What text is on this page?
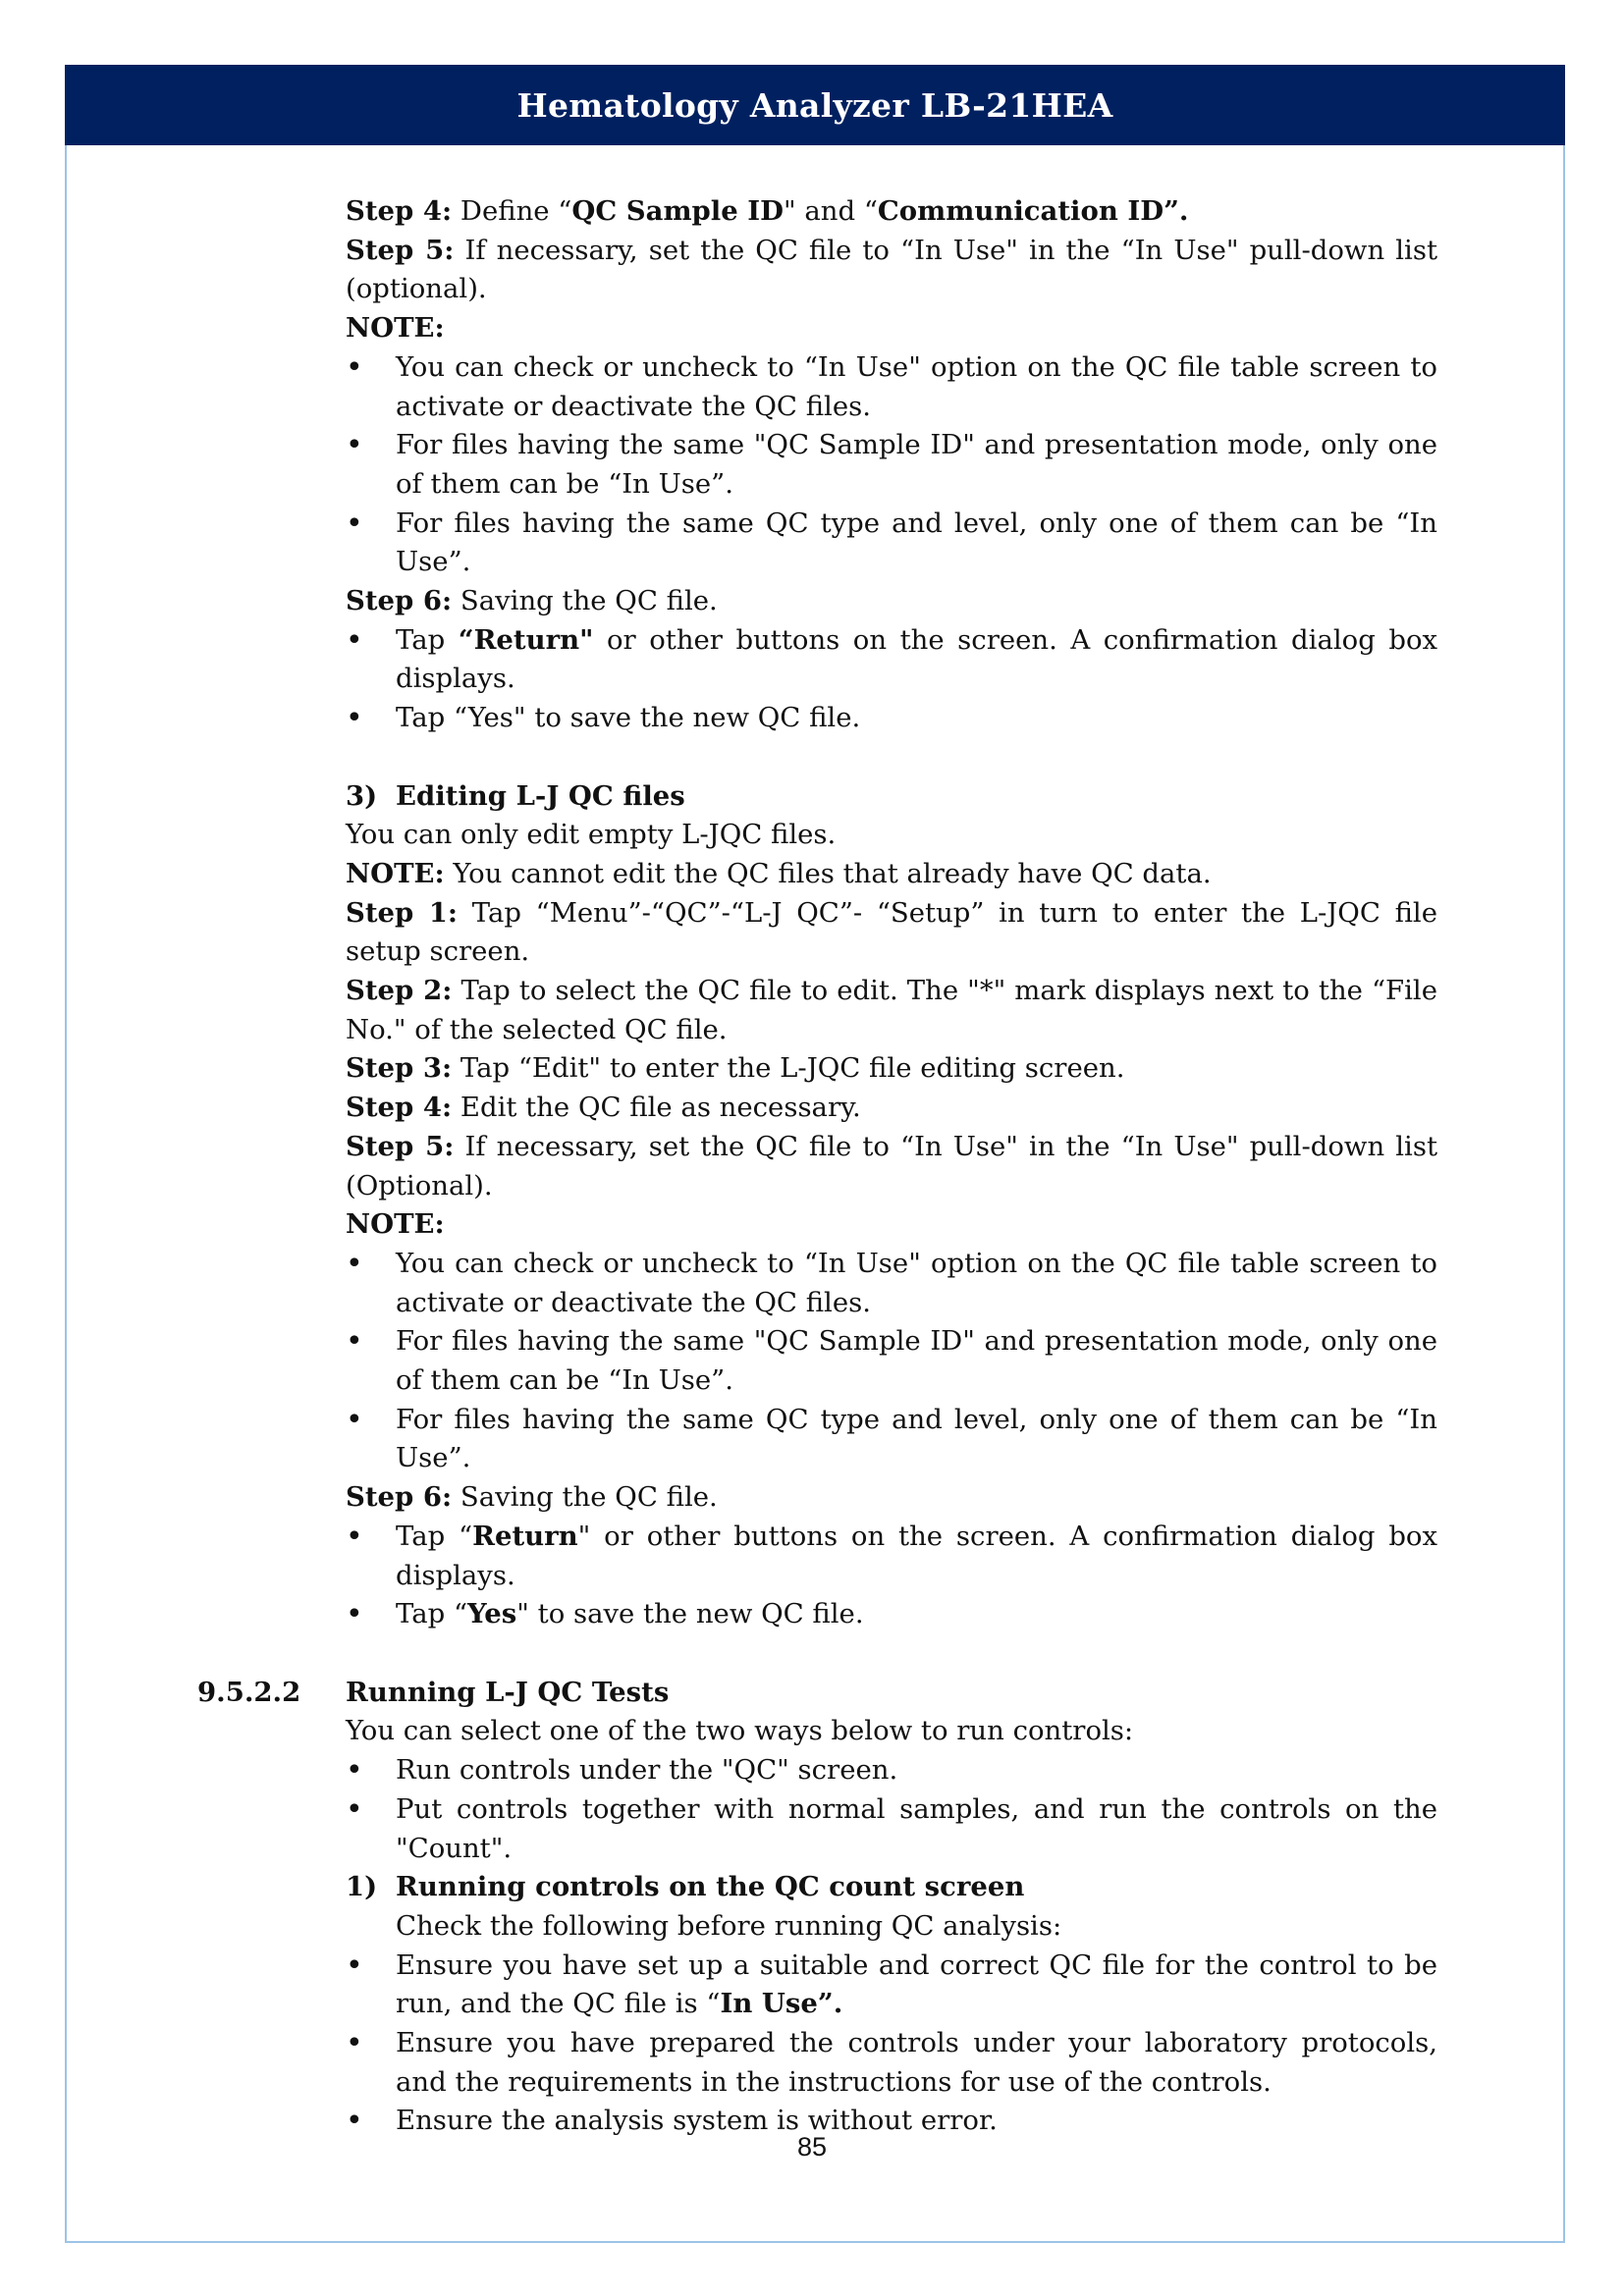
Hematology Analyzer LB-21HEA

Step 4: Define “QC Sample ID" and “Communication ID”.

Step 5: If necessary, set the QC file to “In Use" in the “In Use" pull-down list (optional).

NOTE:

• You can check or uncheck to “In Use" option on the QC file table screen to activate or deactivate the QC files.

• For files having the same "QC Sample ID" and presentation mode, only one of them can be “In Use”.

• For files having the same QC type and level, only one of them can be “In Use”.

Step 6: Saving the QC file.

• Tap “Return" or other buttons on the screen. A confirmation dialog box displays.

• Tap “Yes" to save the new QC file.

3) Editing L-J QC files

You can only edit empty L-JQC files.

NOTE: You cannot edit the QC files that already have QC data.

Step 1: Tap “Menu”-“QC”-“L-J QC”- “Setup” in turn to enter the L-JQC file setup screen.

Step 2: Tap to select the QC file to edit. The "*" mark displays next to the “File No." of the selected QC file.

Step 3: Tap “Edit" to enter the L-JQC file editing screen.

Step 4: Edit the QC file as necessary.

Step 5: If necessary, set the QC file to “In Use" in the “In Use" pull-down list (Optional).

NOTE:

• You can check or uncheck to “In Use" option on the QC file table screen to activate or deactivate the QC files.

• For files having the same "QC Sample ID" and presentation mode, only one of them can be “In Use”.

• For files having the same QC type and level, only one of them can be “In Use”.

Step 6: Saving the QC file.

• Tap “Return" or other buttons on the screen. A confirmation dialog box displays.

• Tap “Yes" to save the new QC file.

9.5.2.2 Running L-J QC Tests

You can select one of the two ways below to run controls:

• Run controls under the "QC" screen.

• Put controls together with normal samples, and run the controls on the "Count".

1) Running controls on the QC count screen

Check the following before running QC analysis:

• Ensure you have set up a suitable and correct QC file for the control to be run, and the QC file is “In Use”.

• Ensure you have prepared the controls under your laboratory protocols, and the requirements in the instructions for use of the controls.

• Ensure the analysis system is without error.

85
